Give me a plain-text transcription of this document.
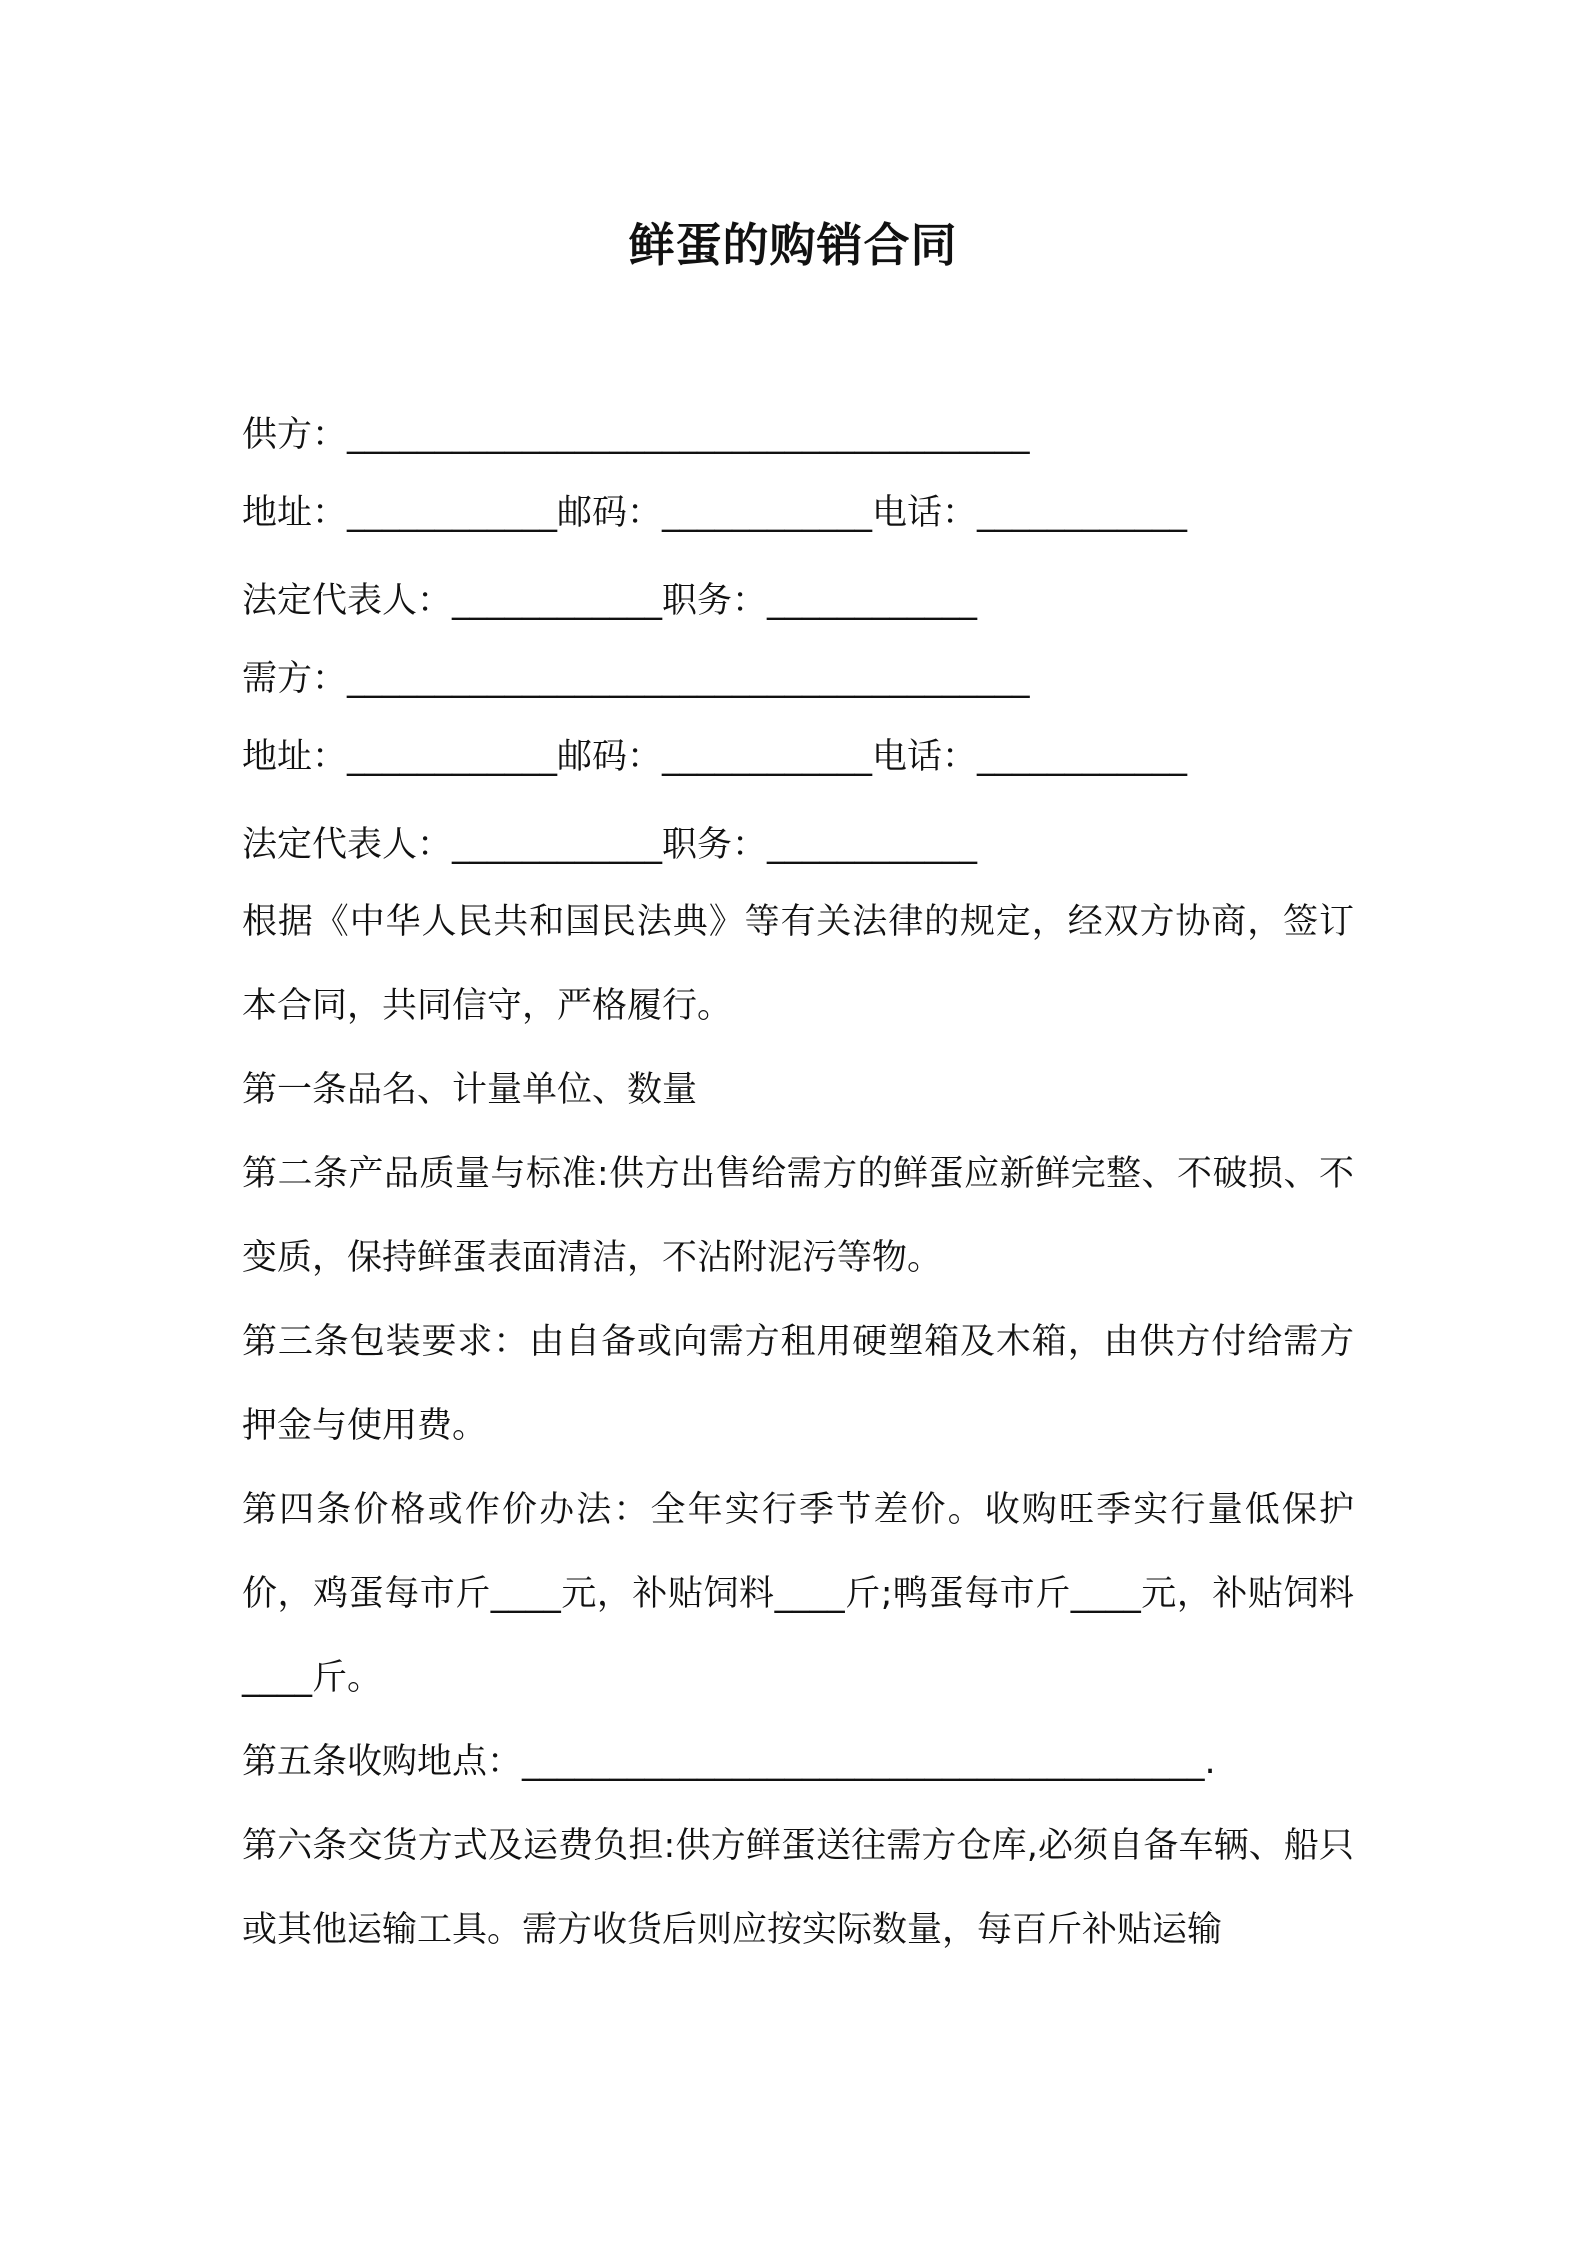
鲜蛋的购销合同
供方：_______________________________________
地址：____________邮码：____________电话：____________
法定代表人：____________职务：____________
需方：_______________________________________
地址：____________邮码：____________电话：____________
法定代表人：____________职务：____________
根据《中华人民共和国民法典》等有关法律的规定，经双方协商，签订本合同，共同信守，严格履行。
第一条品名、计量单位、数量
第二条产品质量与标准:供方出售给需方的鲜蛋应新鲜完整、不破损、不变质，保持鲜蛋表面清洁，不沾附泥污等物。
第三条包装要求：由自备或向需方租用硬塑箱及木箱，由供方付给需方押金与使用费。
第四条价格或作价办法：全年实行季节差价。收购旺季实行量低保护价，鸡蛋每市斤____元，补贴饲料____斤;鸭蛋每市斤____元，补贴饲料____斤。
第五条收购地点：_______________________________________.
第六条交货方式及运费负担:供方鲜蛋送往需方仓库,必须自备车辆、船只或其他运输工具。需方收货后则应按实际数量，每百斤补贴运输
